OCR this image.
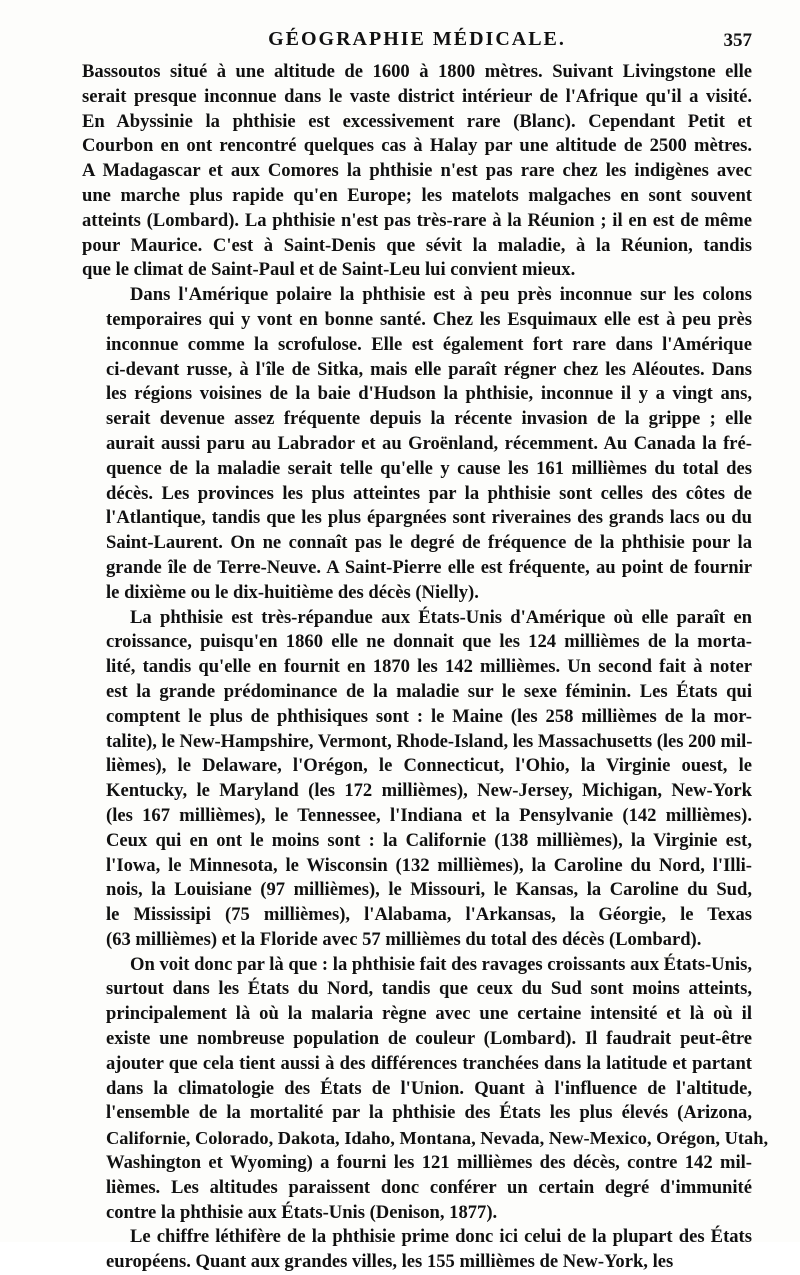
GÉOGRAPHIE MÉDICALE.	357
Bassoutos situé à une altitude de 1600 à 1800 mètres. Suivant Livingstone elle
serait presque inconnue dans le vaste district intérieur de l'Afrique qu'il a visité.
En Abyssinie la phthisie est excessivement rare (Blanc). Cependant Petit et
Courbon en ont rencontré quelques cas à Halay par une altitude de 2500 mètres.
A Madagascar et aux Comores la phthisie n'est pas rare chez les indigènes avec
une marche plus rapide qu'en Europe; les matelots malgaches en sont souvent
atteints (Lombard). La phthisie n'est pas très-rare à la Réunion ; il en est de même
pour Maurice. C'est à Saint-Denis que sévit la maladie, à la Réunion, tandis
que le climat de Saint-Paul et de Saint-Leu lui convient mieux.
Dans l'Amérique polaire la phthisie est à peu près inconnue sur les colons
temporaires qui y vont en bonne santé. Chez les Esquimaux elle est à peu près
inconnue comme la scrofulose. Elle est également fort rare dans l'Amérique
ci-devant russe, à l'île de Sitka, mais elle paraît régner chez les Aléoutes. Dans
les régions voisines de la baie d'Hudson la phthisie, inconnue il y a vingt ans,
serait devenue assez fréquente depuis la récente invasion de la grippe ; elle
aurait aussi paru au Labrador et au Groënland, récemment. Au Canada la fré-
quence de la maladie serait telle qu'elle y cause les 161 millièmes du total des
décès. Les provinces les plus atteintes par la phthisie sont celles des côtes de
l'Atlantique, tandis que les plus épargnées sont riveraines des grands lacs ou du
Saint-Laurent. On ne connaît pas le degré de fréquence de la phthisie pour la
grande île de Terre-Neuve. A Saint-Pierre elle est fréquente, au point de fournir
le dixième ou le dix-huitième des décès (Nielly).
La phthisie est très-répandue aux États-Unis d'Amérique où elle paraît en
croissance, puisqu'en 1860 elle ne donnait que les 124 millièmes de la morta-
lité, tandis qu'elle en fournit en 1870 les 142 millièmes. Un second fait à noter
est la grande prédominance de la maladie sur le sexe féminin. Les États qui
comptent le plus de phthisiques sont : le Maine (les 258 millièmes de la mor-
talite), le New-Hampshire, Vermont, Rhode-Island, les Massachusetts (les 200 mil-
lièmes), le Delaware, l'Orégon, le Connecticut, l'Ohio, la Virginie ouest, le
Kentucky, le Maryland (les 172 millièmes), New-Jersey, Michigan, New-York
(les 167 millièmes), le Tennessee, l'Indiana et la Pensylvanie (142 millièmes).
Ceux qui en ont le moins sont : la Californie (138 millièmes), la Virginie est,
l'Iowa, le Minnesota, le Wisconsin (132 millièmes), la Caroline du Nord, l'Illi-
nois, la Louisiane (97 millièmes), le Missouri, le Kansas, la Caroline du Sud,
le Mississipi (75 millièmes), l'Alabama, l'Arkansas, la Géorgie, le Texas
(63 millièmes) et la Floride avec 57 millièmes du total des décès (Lombard).
On voit donc par là que : la phthisie fait des ravages croissants aux États-Unis,
surtout dans les États du Nord, tandis que ceux du Sud sont moins atteints,
principalement là où la malaria règne avec une certaine intensité et là où il
existe une nombreuse population de couleur (Lombard). Il faudrait peut-être
ajouter que cela tient aussi à des différences tranchées dans la latitude et partant
dans la climatologie des États de l'Union. Quant à l'influence de l'altitude,
l'ensemble de la mortalité par la phthisie des États les plus élevés (Arizona,
Californie, Colorado, Dakota, Idaho, Montana, Nevada, New-Mexico, Orégon, Utah,
Washington et Wyoming) a fourni les 121 millièmes des décès, contre 142 mil-
lièmes. Les altitudes paraissent donc conférer un certain degré d'immunité
contre la phthisie aux États-Unis (Denison, 1877).
Le chiffre léthifère de la phthisie prime donc ici celui de la plupart des États
européens. Quant aux grandes villes, les 155 millièmes de New-York, les
